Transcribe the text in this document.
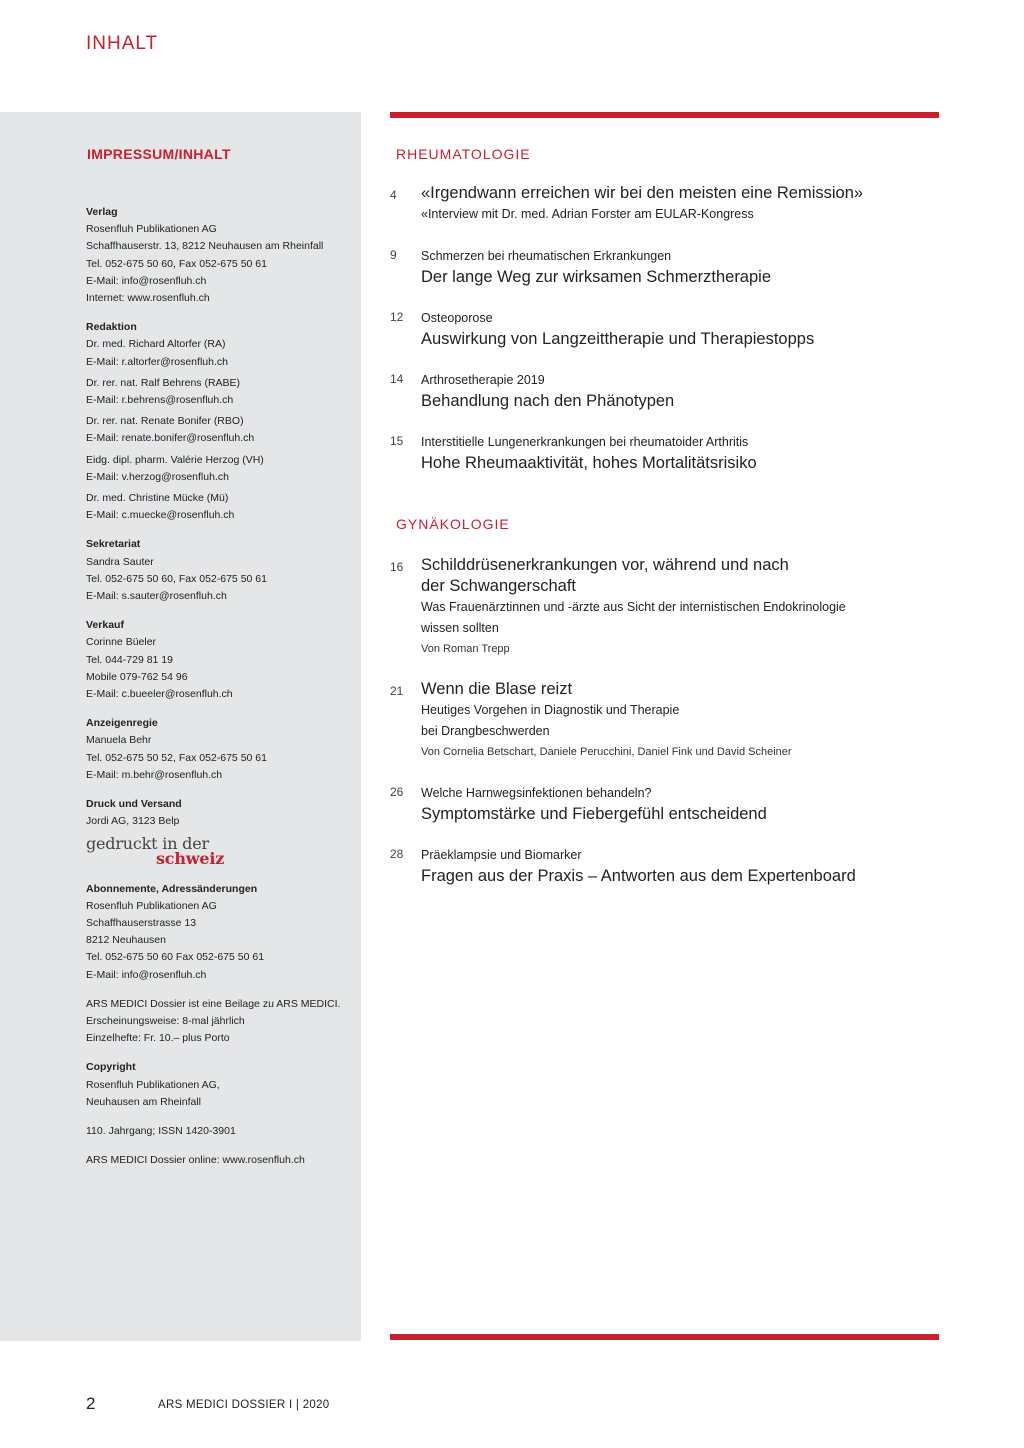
INHALT
IMPRESSUM/INHALT
Verlag
Rosenfluh Publikationen AG
Schaffhauserstr. 13, 8212 Neuhausen am Rheinfall
Tel. 052-675 50 60, Fax 052-675 50 61
E-Mail: info@rosenfluh.ch
Internet: www.rosenfluh.ch
Redaktion
Dr. med. Richard Altorfer (RA)
E-Mail: r.altorfer@rosenfluh.ch
Dr. rer. nat. Ralf Behrens (RABE)
E-Mail: r.behrens@rosenfluh.ch
Dr. rer. nat. Renate Bonifer (RBO)
E-Mail: renate.bonifer@rosenfluh.ch
Eidg. dipl. pharm. Valérie Herzog (VH)
E-Mail: v.herzog@rosenfluh.ch
Dr. med. Christine Mücke (Mü)
E-Mail: c.muecke@rosenfluh.ch
Sekretariat
Sandra Sauter
Tel. 052-675 50 60, Fax 052-675 50 61
E-Mail: s.sauter@rosenfluh.ch
Verkauf
Corinne Büeler
Tel. 044-729 81 19
Mobile 079-762 54 96
E-Mail: c.bueeler@rosenfluh.ch
Anzeigenregie
Manuela Behr
Tel. 052-675 50 52, Fax 052-675 50 61
E-Mail: m.behr@rosenfluh.ch
Druck und Versand
Jordi AG, 3123 Belp
gedruckt in der
schweiz
Abonnemente, Adressänderungen
Rosenfluh Publikationen AG
Schaffhauserstrasse 13
8212 Neuhausen
Tel. 052-675 50 60 Fax 052-675 50 61
E-Mail: info@rosenfluh.ch
ARS MEDICI Dossier ist eine Beilage zu ARS MEDICI.
Erscheinungsweise: 8-mal jährlich
Einzelhefte: Fr. 10.– plus Porto
Copyright
Rosenfluh Publikationen AG,
Neuhausen am Rheinfall
110. Jahrgang; ISSN 1420-3901
ARS MEDICI Dossier online: www.rosenfluh.ch
RHEUMATOLOGIE
4	«Irgendwann erreichen wir bei den meisten eine Remission»
«Interview mit Dr. med. Adrian Forster am EULAR-Kongress
9	Schmerzen bei rheumatischen Erkrankungen
Der lange Weg zur wirksamen Schmerztherapie
12	Osteoporose
Auswirkung von Langzeittherapie und Therapiestopps
14	Arthrosetherapie 2019
Behandlung nach den Phänotypen
15	Interstitielle Lungenerkrankungen bei rheumatoider Arthritis
Hohe Rheumaaktivität, hohes Mortalitätsrisiko
GYNÄKOLOGIE
16	Schilddrüsenerkrankungen vor, während und nach
der Schwangerschaft
Was Frauenärztinnen und -ärzte aus Sicht der internistischen Endokrinologie
wissen sollten
Von Roman Trepp
21	Wenn die Blase reizt
Heutiges Vorgehen in Diagnostik und Therapie
bei Drangbeschwerden
Von Cornelia Betschart, Daniele Perucchini, Daniel Fink und David Scheiner
26	Welche Harnwegsinfektionen behandeln?
Symptomstärke und Fiebergefühl entscheidend
28	Präeklampsie und Biomarker
Fragen aus der Praxis – Antworten aus dem Expertenboard
2	ARS MEDICI DOSSIER I | 2020
